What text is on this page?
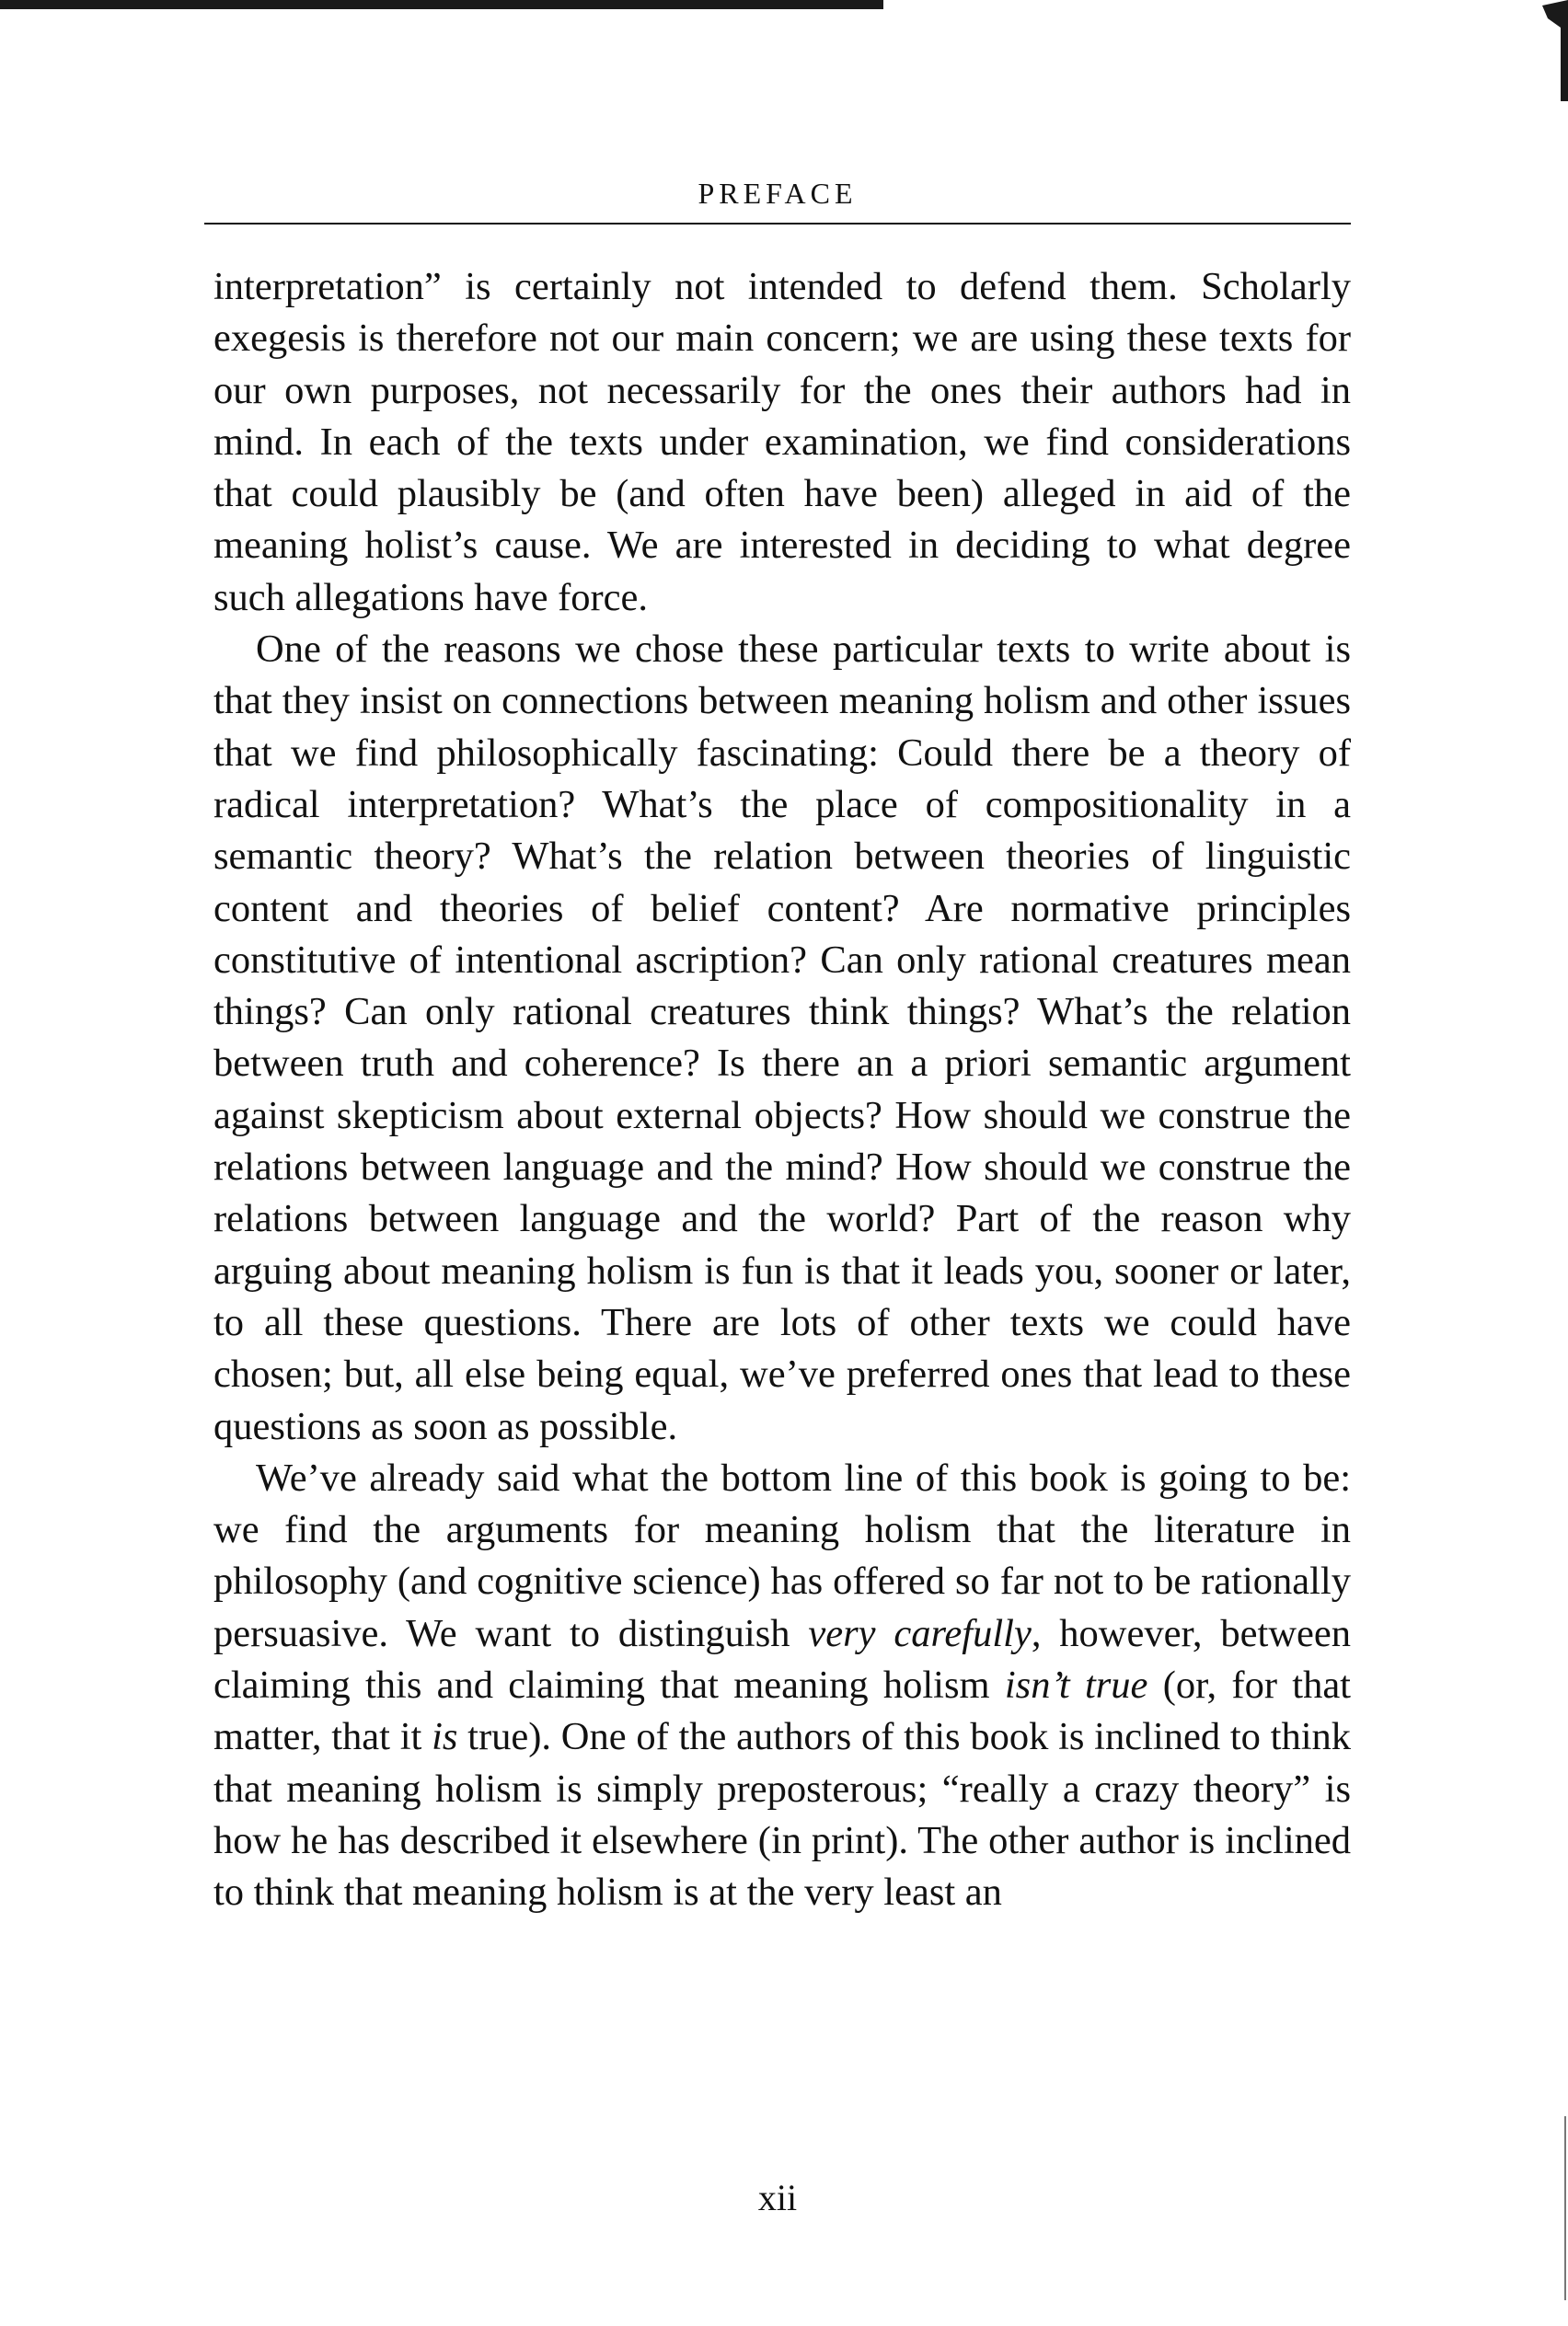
PREFACE

interpretation” is certainly not intended to defend them. Scholarly exegesis is therefore not our main concern; we are using these texts for our own purposes, not necessarily for the ones their authors had in mind. In each of the texts under examination, we find considerations that could plausibly be (and often have been) alleged in aid of the meaning holist’s cause. We are interested in deciding to what degree such allegations have force.

One of the reasons we chose these particular texts to write about is that they insist on connections between meaning holism and other issues that we find philosophically fascinating: Could there be a theory of radical interpretation? What’s the place of compositionality in a semantic theory? What’s the relation between theories of linguistic content and theories of belief content? Are normative principles constitutive of intentional ascription? Can only rational creatures mean things? Can only rational creatures think things? What’s the relation between truth and coherence? Is there an a priori semantic argument against skepticism about external objects? How should we construe the relations between language and the mind? How should we construe the relations between language and the world? Part of the reason why arguing about meaning holism is fun is that it leads you, sooner or later, to all these questions. There are lots of other texts we could have chosen; but, all else being equal, we’ve preferred ones that lead to these questions as soon as possible.

We’ve already said what the bottom line of this book is going to be: we find the arguments for meaning holism that the literature in philosophy (and cognitive science) has offered so far not to be rationally persuasive. We want to distinguish very carefully, however, between claiming this and claiming that meaning holism isn’t true (or, for that matter, that it is true). One of the authors of this book is inclined to think that meaning holism is simply preposterous; “really a crazy theory” is how he has described it elsewhere (in print). The other author is inclined to think that meaning holism is at the very least an

xii
